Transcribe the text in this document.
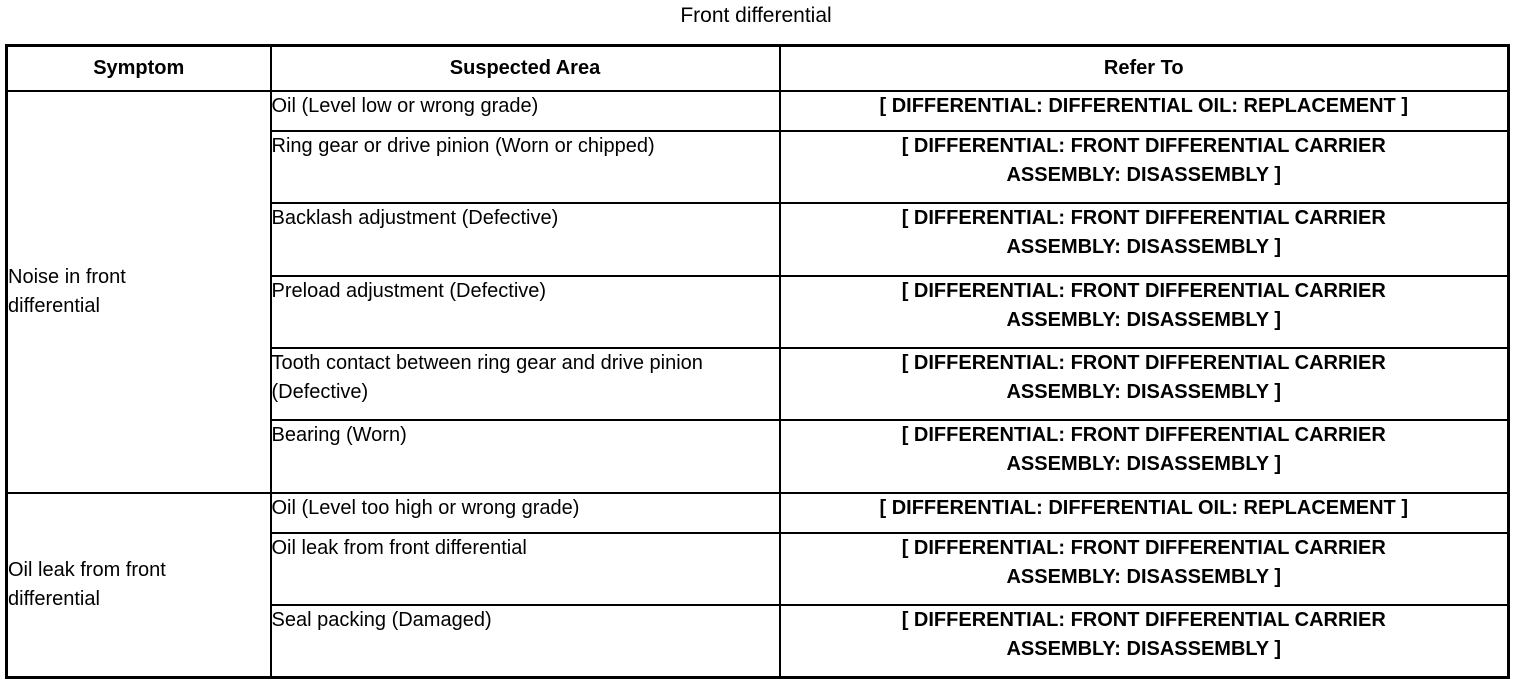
Front differential
Symptom	Suspected Area	Refer To

Noise in front
differential	Oil (Level low or wrong grade)	[ DIFFERENTIAL: DIFFERENTIAL OIL: REPLACEMENT ]

	Ring gear or drive pinion (Worn or chipped)	[ DIFFERENTIAL: FRONT DIFFERENTIAL CARRIER
ASSEMBLY: DISASSEMBLY ]

	Backlash adjustment (Defective)	[ DIFFERENTIAL: FRONT DIFFERENTIAL CARRIER
ASSEMBLY: DISASSEMBLY ]

	Preload adjustment (Defective)	[ DIFFERENTIAL: FRONT DIFFERENTIAL CARRIER
ASSEMBLY: DISASSEMBLY ]

	Tooth contact between ring gear and drive pinion (Defective)	[ DIFFERENTIAL: FRONT DIFFERENTIAL CARRIER
ASSEMBLY: DISASSEMBLY ]

	Bearing (Worn)	[ DIFFERENTIAL: FRONT DIFFERENTIAL CARRIER
ASSEMBLY: DISASSEMBLY ]

Oil leak from front
differential	Oil (Level too high or wrong grade)	[ DIFFERENTIAL: DIFFERENTIAL OIL: REPLACEMENT ]

	Oil leak from front differential	[ DIFFERENTIAL: FRONT DIFFERENTIAL CARRIER
ASSEMBLY: DISASSEMBLY ]

	Seal packing (Damaged)	[ DIFFERENTIAL: FRONT DIFFERENTIAL CARRIER
ASSEMBLY: DISASSEMBLY ]
